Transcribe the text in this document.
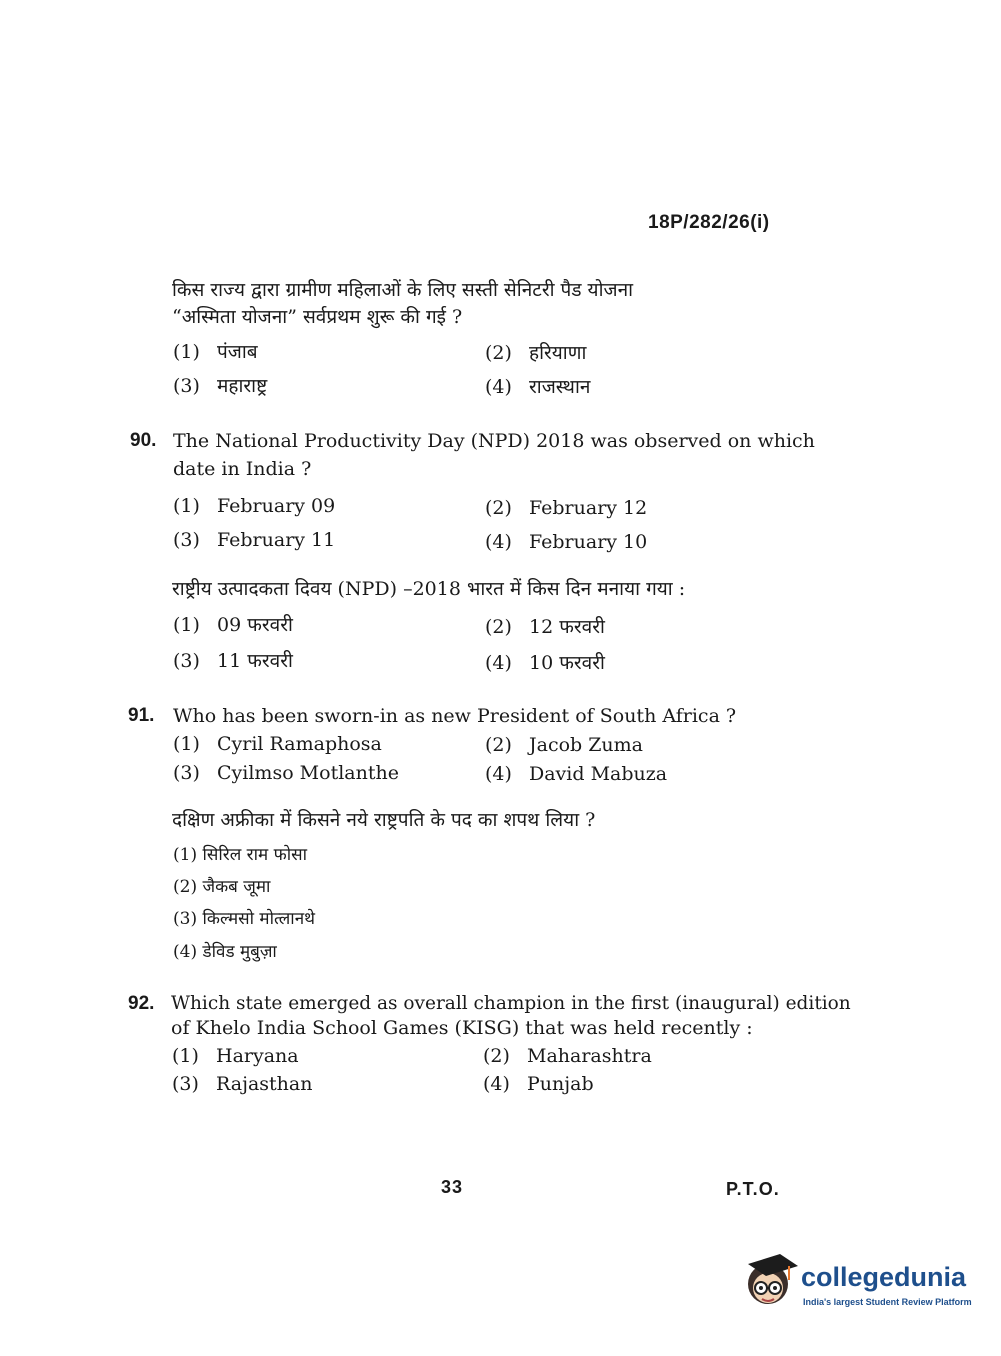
18P/282/26(i)
किस राज्य द्वारा ग्रामीण महिलाओं के लिए सस्ती सेनिटरी पैड योजना
“अस्मिता योजना” सर्वप्रथम शुरू की गई ?
(1) पंजाब	(2) हरियाणा
(3) महाराष्ट्र	(4) राजस्थान
90. The National Productivity Day (NPD) 2018 was observed on which
date in India ?
(1) February 09	(2) February 12
(3) February 11	(4) February 10
राष्ट्रीय उत्पादकता दिवय (NPD) –2018 भारत में किस दिन मनाया गया :
(1) 09 फरवरी	(2) 12 फरवरी
(3) 11 फरवरी	(4) 10 फरवरी
91. Who has been sworn-in as new President of South Africa ?
(1) Cyril Ramaphosa	(2) Jacob Zuma
(3) Cyilmso Motlanthe	(4) David Mabuza
दक्षिण अफ्रीका में किसने नये राष्ट्रपति के पद का शपथ लिया ?
(1) सिरिल राम फोसा
(2) जैकब जूमा
(3) किल्मसो मोत्लानथे
(4) डेविड मुबुज़ा
92. Which state emerged as overall champion in the first (inaugural) edition
of Khelo India School Games (KISG) that was held recently :
(1) Haryana	(2) Maharashtra
(3) Rajasthan	(4) Punjab
33	P.T.O.
collegedunia
India's largest Student Review Platform
